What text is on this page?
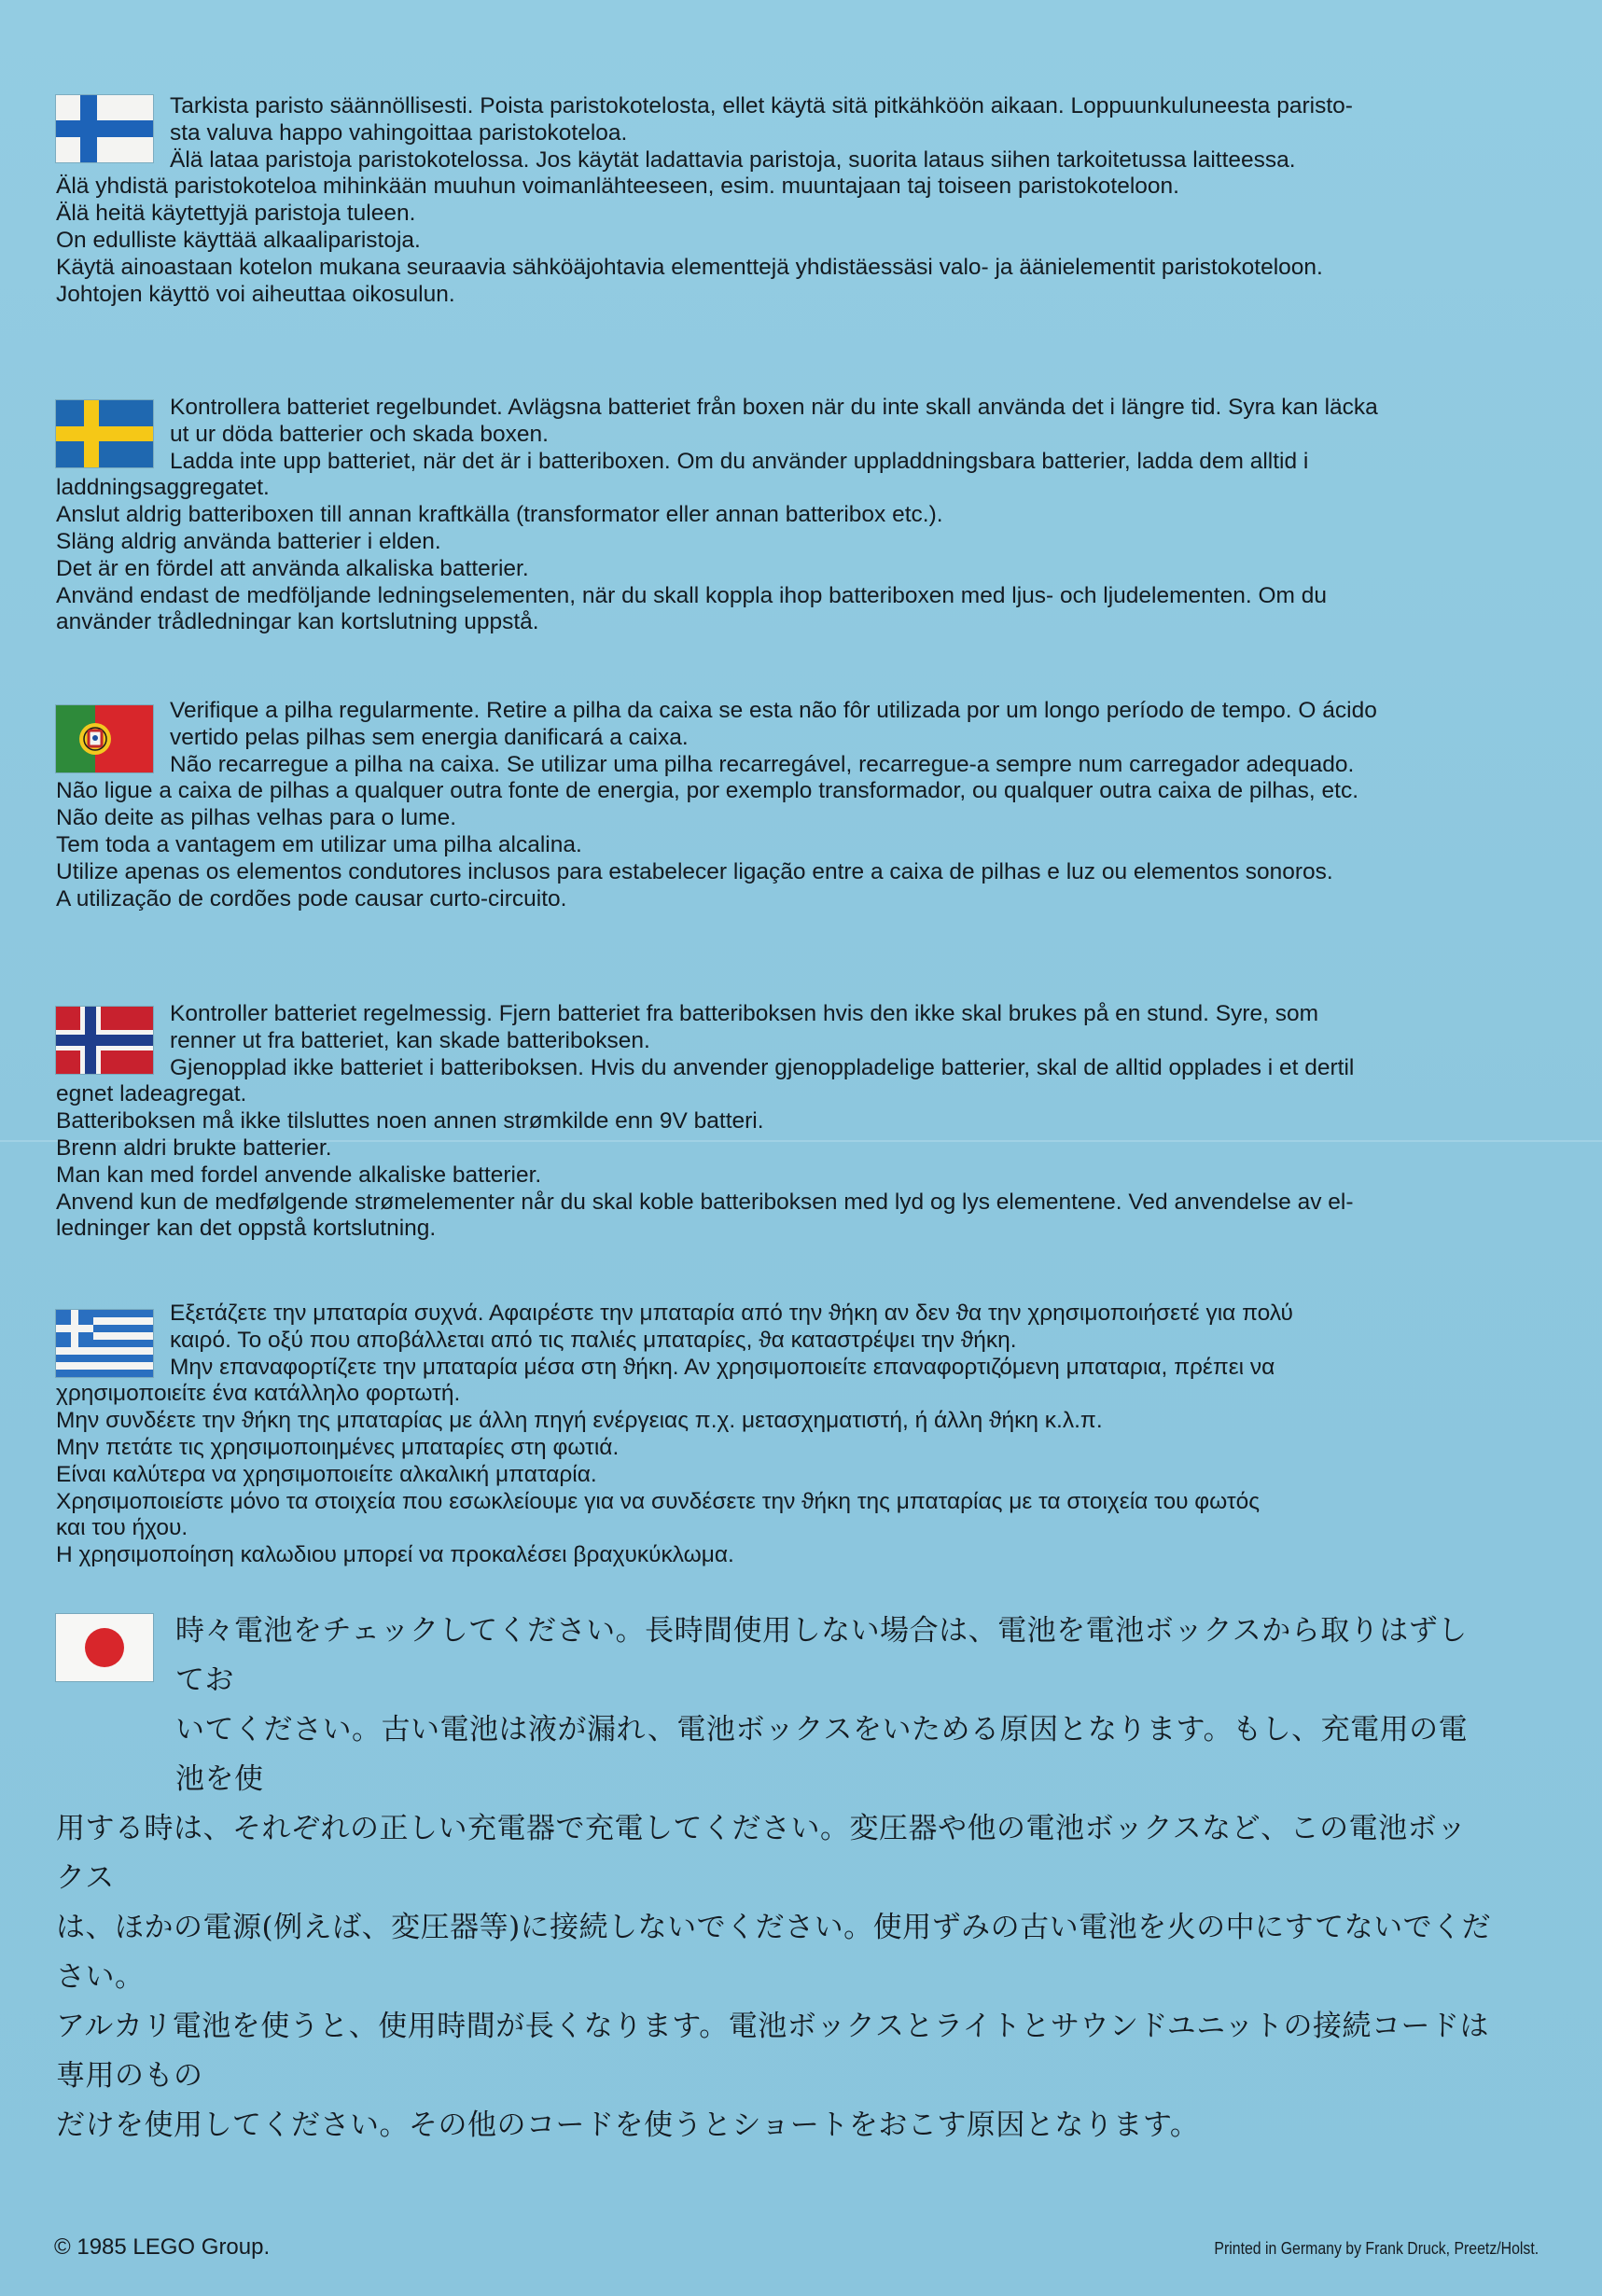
Tarkista paristo säännöllisesti. Poista paristokotelosta, ellet käytä sitä pitkähköön aikaan. Loppuunkuluneesta paristo-

sta valuva happo vahingoittaa paristokoteloa.

Älä lataa paristoja paristokotelossa. Jos käytät ladattavia paristoja, suorita lataus siihen tarkoitetussa laitteessa.

Älä yhdistä paristokoteloa mihinkään muuhun voimanlähteeseen, esim. muuntajaan taj toiseen paristokoteloon.

Älä heitä käytettyjä paristoja tuleen.

On edulliste käyttää alkaaliparistoja.

Käytä ainoastaan kotelon mukana seuraavia sähköäjohtavia elementtejä yhdistäessäsi valo- ja äänielementit paristokoteloon.

Johtojen käyttö voi aiheuttaa oikosulun.

Kontrollera batteriet regelbundet. Avlägsna batteriet från boxen när du inte skall använda det i längre tid. Syra kan läcka

ut ur döda batterier och skada boxen.

Ladda inte upp batteriet, när det är i batteriboxen. Om du använder uppladdningsbara batterier, ladda dem alltid i

laddningsaggregatet.

Anslut aldrig batteriboxen till annan kraftkälla (transformator eller annan batteribox etc.).

Släng aldrig använda batterier i elden.

Det är en fördel att använda alkaliska batterier.

Använd endast de medföljande ledningselementen, när du skall koppla ihop batteriboxen med ljus- och ljudelementen. Om du

använder trådledningar kan kortslutning uppstå.

Verifique a pilha regularmente. Retire a pilha da caixa se esta não fôr utilizada por um longo período de tempo. O ácido

vertido pelas pilhas sem energia danificará a caixa.

Não recarregue a pilha na caixa. Se utilizar uma pilha recarregável, recarregue-a sempre num carregador adequado.

Não ligue a caixa de pilhas a qualquer outra fonte de energia, por exemplo transformador, ou qualquer outra caixa de pilhas, etc.

Não deite as pilhas velhas para o lume.

Tem toda a vantagem em utilizar uma pilha alcalina.

Utilize apenas os elementos condutores inclusos para estabelecer ligação entre a caixa de pilhas e luz ou elementos sonoros.

A utilização de cordões pode causar curto-circuito.

Kontroller batteriet regelmessig. Fjern batteriet fra batteriboksen hvis den ikke skal brukes på en stund. Syre, som

renner ut fra batteriet, kan skade batteriboksen.

Gjenopplad ikke batteriet i batteriboksen. Hvis du anvender gjenoppladelige batterier, skal de alltid opplades i et dertil

egnet ladeagregat.

Batteriboksen må ikke tilsluttes noen annen strømkilde enn 9V batteri.

Brenn aldri brukte batterier.

Man kan med fordel anvende alkaliske batterier.

Anvend kun de medfølgende strømelementer når du skal koble batteriboksen med lyd og lys elementene. Ved anvendelse av el-

ledninger kan det oppstå kortslutning.

Εξετάζετε την μπαταρία συχνά. Αφαιρέστε την μπαταρία από την ϑήκη αν δεν ϑα την χρησιμοποιήσετέ για πολύ

καιρό. Το οξύ που αποβάλλεται από τις παλιές μπαταρίες, ϑα καταστρέψει την ϑήκη.

Μην επαναφορτίζετε την μπαταρία μέσα στη ϑήκη. Αν χρησιμοποιείτε επαναφορτιζόμενη μπαταρια, πρέπει να

χρησιμοποιείτε ένα κατάλληλο φορτωτή.

Μην συνδέετε την ϑήκη της μπαταρίας με άλλη πηγή ενέργειας π.χ. μετασχηματιστή, ή άλλη ϑήκη κ.λ.π.

Μην πετάτε τις χρησιμοποιημένες μπαταρίες στη φωτιά.

Είναι καλύτερα να χρησιμοποιείτε αλκαλική μπαταρία.

Χρησιμοποιείστε μόνο τα στοιχεία που εσωκλείουμε για να συνδέσετε την ϑήκη της μπαταρίας με τα στοιχεία του φωτός

και του ήχου.

Η χρησιμοποίηση καλωδιου μπορεί να προκαλέσει βραχυκύκλωμα.

時々電池をチェックしてください。長時間使用しない場合は、電池を電池ボックスから取りはずしてお

いてください。古い電池は液が漏れ、電池ボックスをいためる原因となります。もし、充電用の電池を使

用する時は、それぞれの正しい充電器で充電してください。変圧器や他の電池ボックスなど、この電池ボックス

は、ほかの電源(例えば、変圧器等)に接続しないでください。使用ずみの古い電池を火の中にすてないでください。

アルカリ電池を使うと、使用時間が長くなります。電池ボックスとライトとサウンドユニットの接続コードは専用のもの

だけを使用してください。その他のコードを使うとショートをおこす原因となります。

© 1985 LEGO Group.	Printed in Germany by Frank Druck, Preetz/Holst.
